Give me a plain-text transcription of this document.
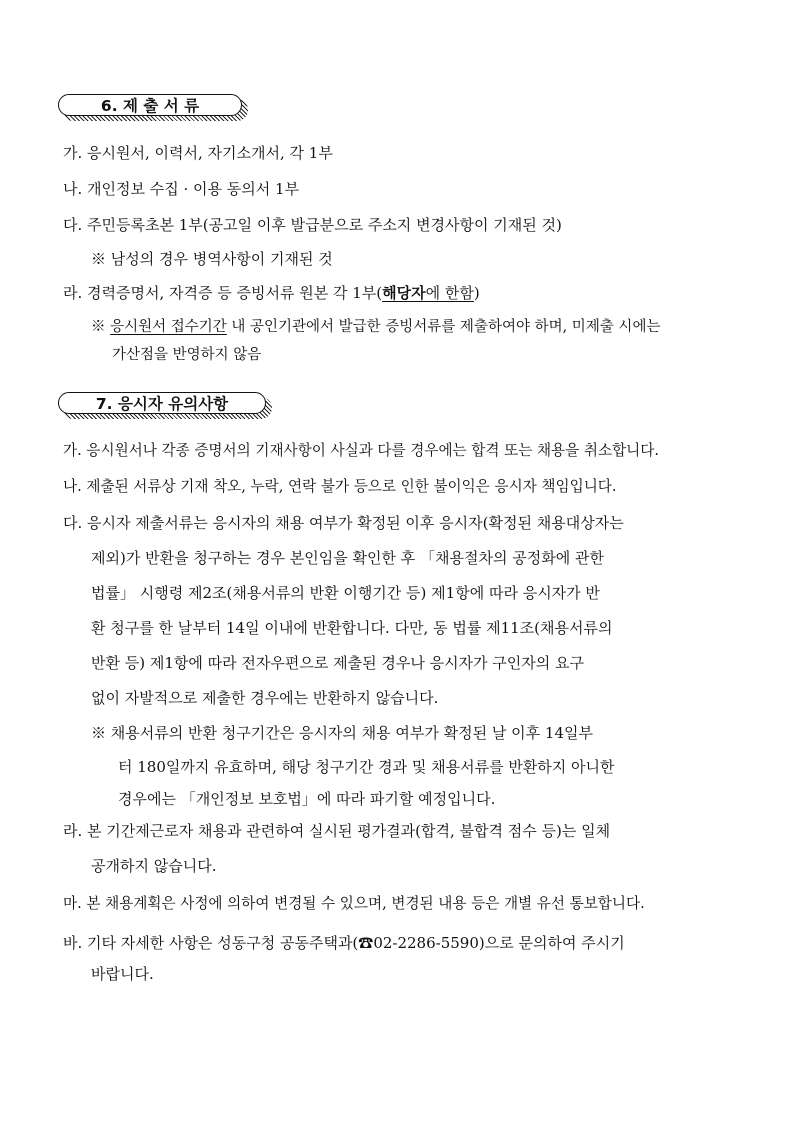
6. 제 출 서 류
가. 응시원서, 이력서, 자기소개서, 각 1부
나. 개인정보 수집 · 이용 동의서 1부
다. 주민등록초본 1부(공고일 이후 발급분으로 주소지 변경사항이 기재된 것)
※ 남성의 경우 병역사항이 기재된 것
라. 경력증명서, 자격증 등 증빙서류 원본 각 1부(해당자에 한함)
※ 응시원서 접수기간 내 공인기관에서 발급한 증빙서류를 제출하여야 하며, 미제출 시에는
가산점을 반영하지 않음
7. 응시자 유의사항
가. 응시원서나 각종 증명서의 기재사항이 사실과 다를 경우에는 합격 또는 채용을 취소합니다.
나. 제출된 서류상 기재 착오, 누락, 연락 불가 등으로 인한 불이익은 응시자 책임입니다.
다. 응시자 제출서류는 응시자의 채용 여부가 확정된 이후 응시자(확정된 채용대상자는
제외)가 반환을 청구하는 경우 본인임을 확인한 후 「채용절차의 공정화에 관한
법률」 시행령 제2조(채용서류의 반환 이행기간 등) 제1항에 따라 응시자가 반
환 청구를 한 날부터 14일 이내에 반환합니다. 다만, 동 법률 제11조(채용서류의
반환 등) 제1항에 따라 전자우편으로 제출된 경우나 응시자가 구인자의 요구
없이 자발적으로 제출한 경우에는 반환하지 않습니다.
※ 채용서류의 반환 청구기간은 응시자의 채용 여부가 확정된 날 이후 14일부
터 180일까지 유효하며, 해당 청구기간 경과 및 채용서류를 반환하지 아니한
경우에는 「개인정보 보호법」에 따라 파기할 예정입니다.
라. 본 기간제근로자 채용과 관련하여 실시된 평가결과(합격, 불합격 점수 등)는 일체
공개하지 않습니다.
마. 본 채용계획은 사정에 의하여 변경될 수 있으며, 변경된 내용 등은 개별 유선 통보합니다.
바. 기타 자세한 사항은 성동구청 공동주택과(☎02-2286-5590)으로 문의하여 주시기
바랍니다.
